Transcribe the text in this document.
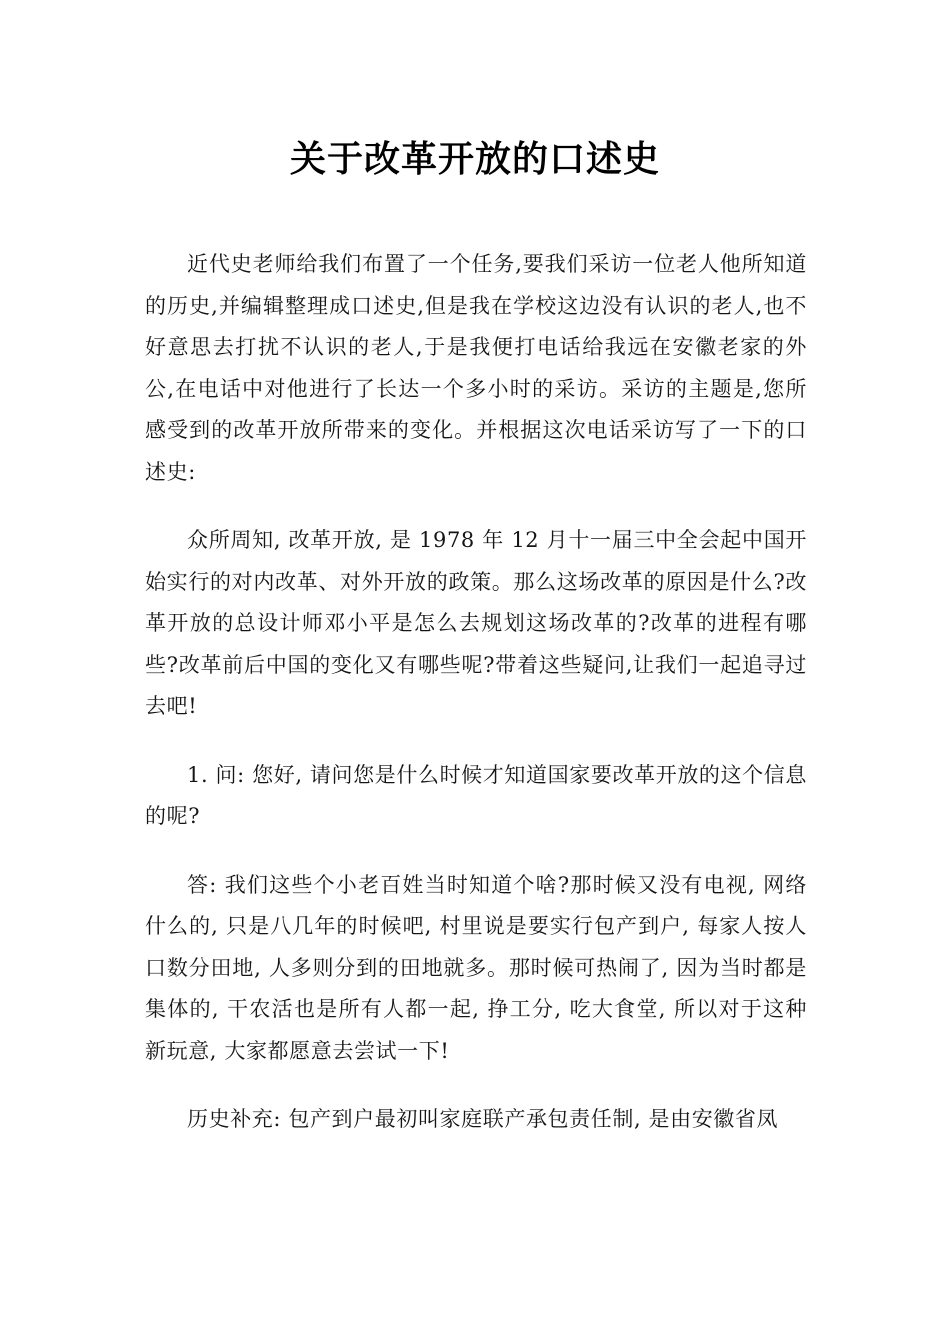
关于改革开放的口述史

近代史老师给我们布置了一个任务,要我们采访一位老人他所知道的历史,并编辑整理成口述史,但是我在学校这边没有认识的老人,也不好意思去打扰不认识的老人,于是我便打电话给我远在安徽老家的外公,在电话中对他进行了长达一个多小时的采访。采访的主题是,您所感受到的改革开放所带来的变化。并根据这次电话采访写了一下的口述史:

众所周知, 改革开放, 是 1978 年 12 月十一届三中全会起中国开始实行的对内改革、对外开放的政策。那么这场改革的原因是什么?改革开放的总设计师邓小平是怎么去规划这场改革的?改革的进程有哪些?改革前后中国的变化又有哪些呢?带着这些疑问,让我们一起追寻过去吧!

1. 问: 您好, 请问您是什么时候才知道国家要改革开放的这个信息的呢?

答: 我们这些个小老百姓当时知道个啥?那时候又没有电视, 网络什么的, 只是八几年的时候吧, 村里说是要实行包产到户, 每家人按人口数分田地, 人多则分到的田地就多。那时候可热闹了, 因为当时都是集体的, 干农活也是所有人都一起, 挣工分, 吃大食堂, 所以对于这种新玩意, 大家都愿意去尝试一下!

历史补充: 包产到户最初叫家庭联产承包责任制, 是由安徽省凤
